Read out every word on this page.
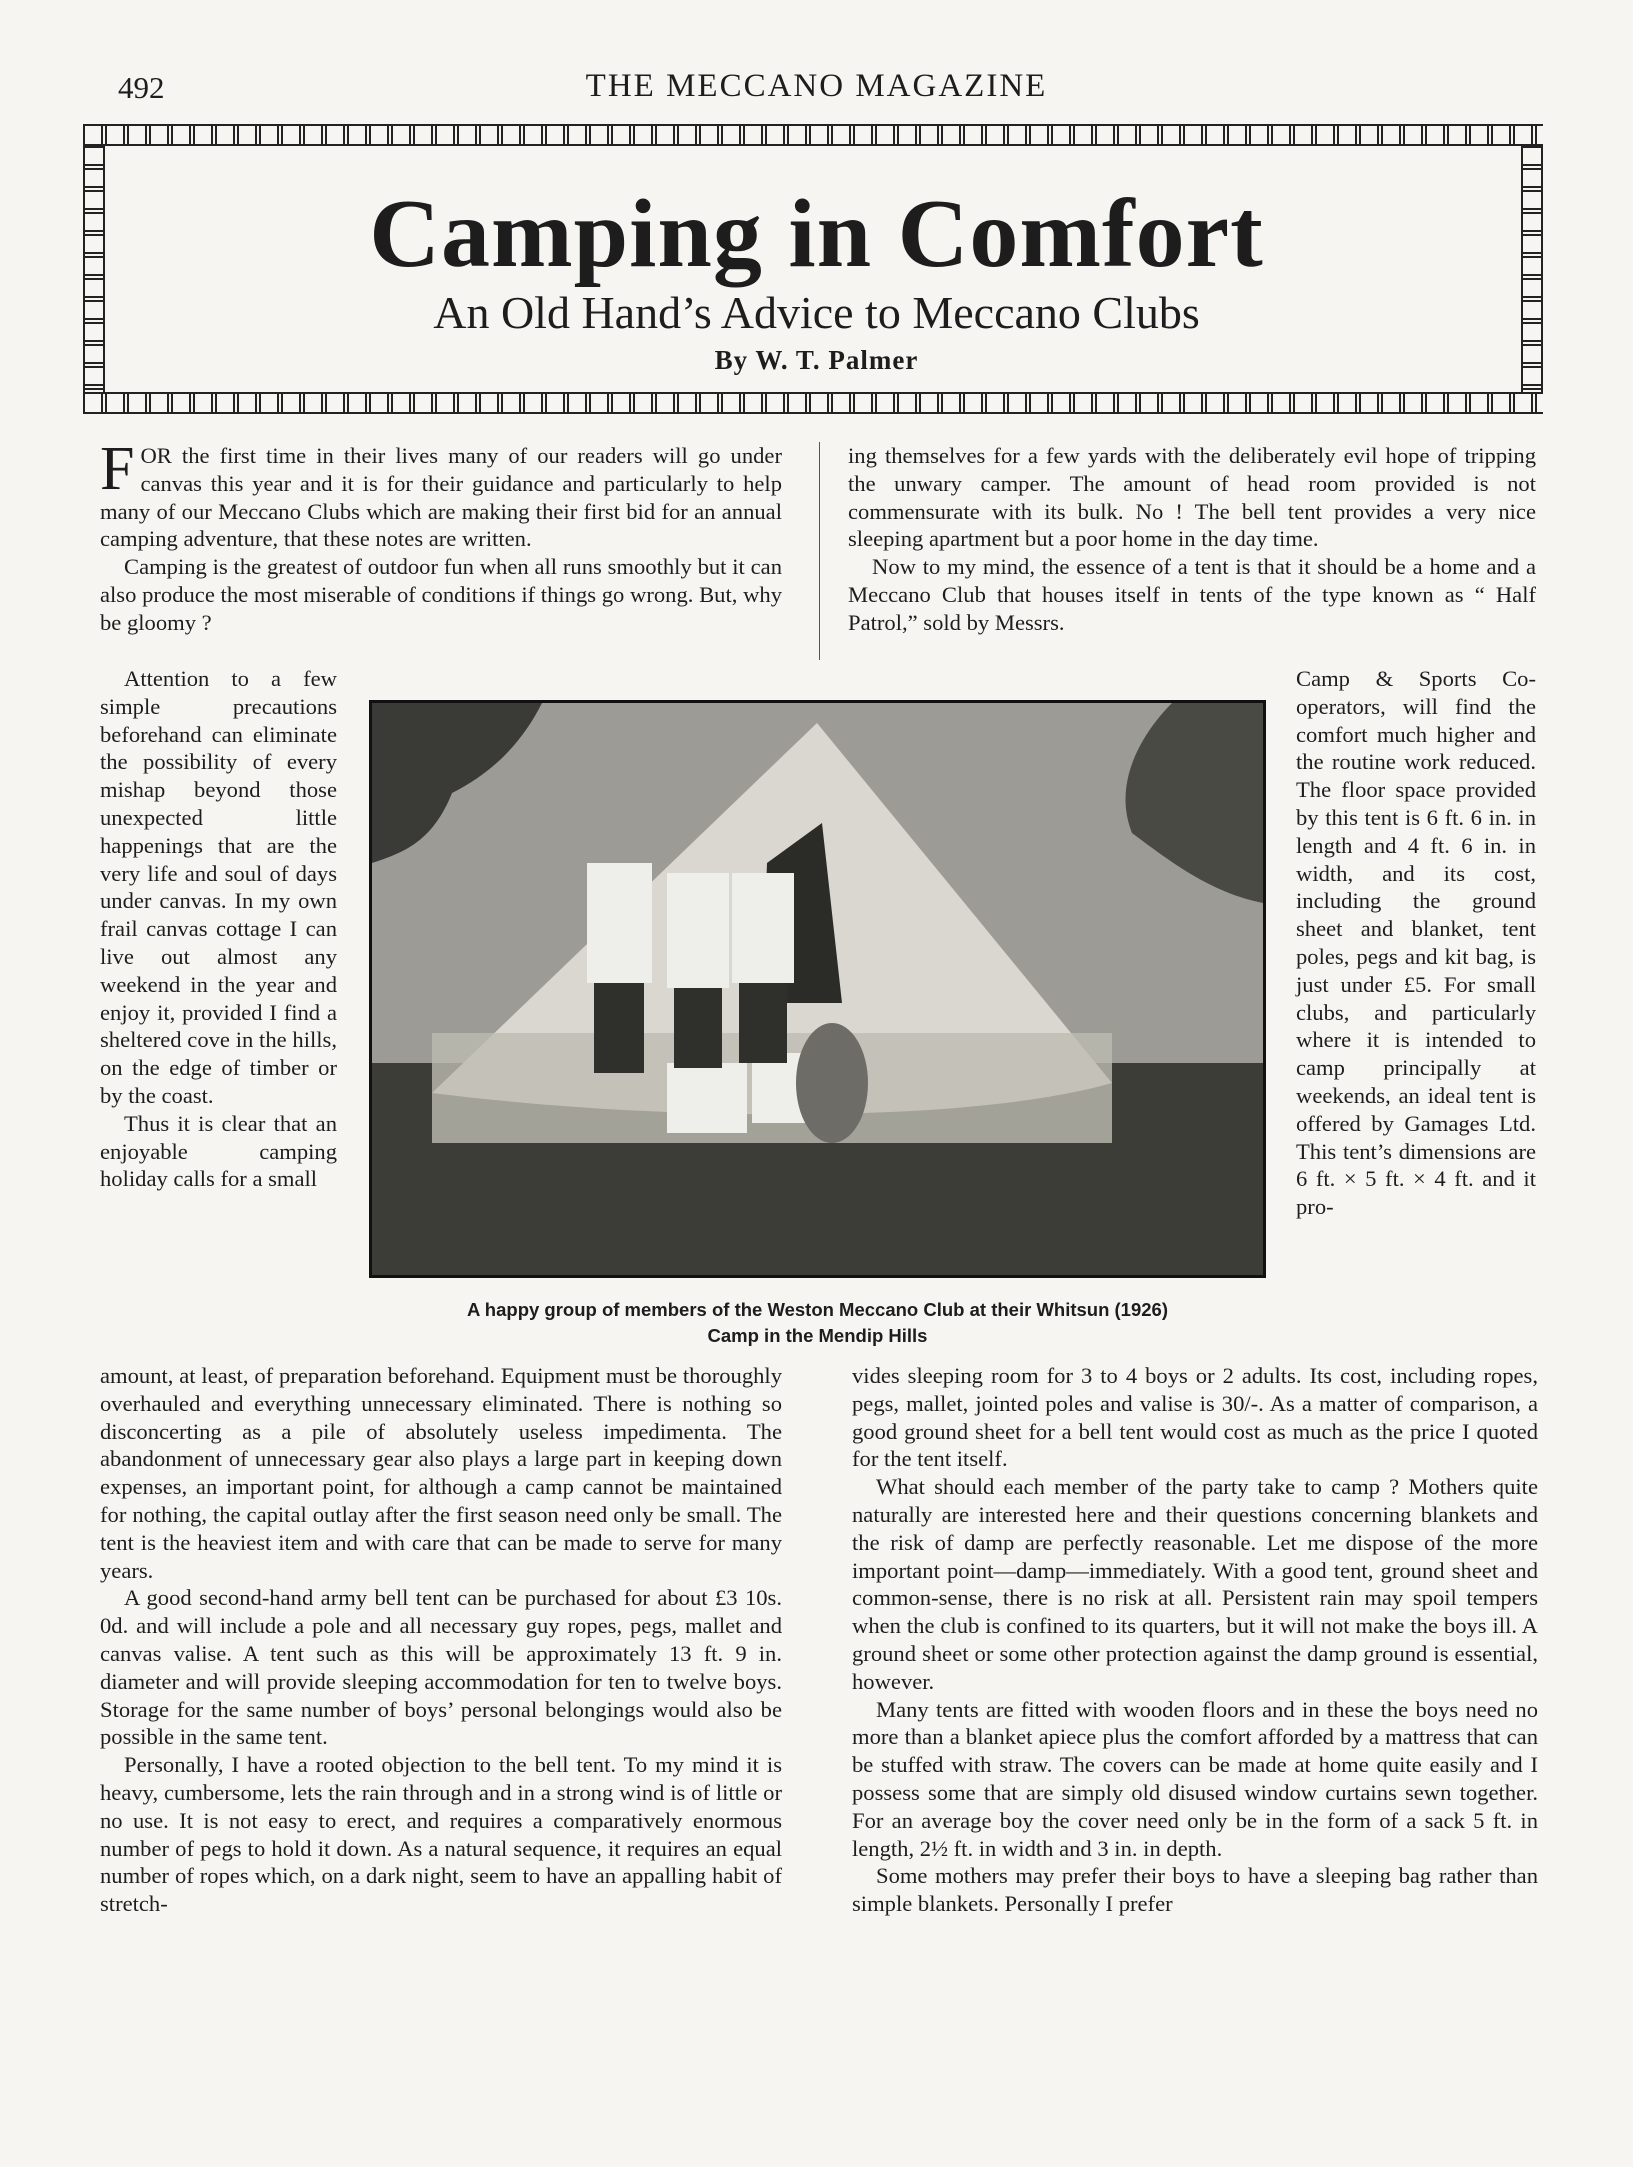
492	THE MECCANO MAGAZINE
Camping in Comfort
An Old Hand’s Advice to Meccano Clubs
By W. T. Palmer

FOR the first time in their lives many of our readers will go under canvas this year and it is for their guidance and particularly to help many of our Meccano Clubs which are making their first bid for an annual camping adventure, that these notes are written.

Camping is the greatest of outdoor fun when all runs smoothly but it can also produce the most miserable of conditions if things go wrong. But, why be gloomy ?

ing themselves for a few yards with the deliberately evil hope of tripping the unwary camper. The amount of head room provided is not commensurate with its bulk. No ! The bell tent provides a very nice sleeping apartment but a poor home in the day time.

Now to my mind, the essence of a tent is that it should be a home and a Meccano Club that houses itself in tents of the type known as “ Half Patrol,” sold by Messrs.

Attention to a few simple precautions beforehand can eliminate the possibility of every mishap beyond those unexpected little happenings that are the very life and soul of days under canvas. In my own frail canvas cottage I can live out almost any weekend in the year and enjoy it, provided I find a sheltered cove in the hills, on the edge of timber or by the coast.

Thus it is clear that an enjoyable camping holiday calls for a small

Camp & Sports Co-operators, will find the comfort much higher and the routine work reduced. The floor space provided by this tent is 6 ft. 6 in. in length and 4 ft. 6 in. in width, and its cost, including the ground sheet and blanket, tent poles, pegs and kit bag, is just under £5. For small clubs, and particularly where it is intended to camp principally at weekends, an ideal tent is offered by Gamages Ltd. This tent’s dimensions are 6 ft. × 5 ft. × 4 ft. and it pro-

A happy group of members of the Weston Meccano Club at their Whitsun (1926)
Camp in the Mendip Hills

amount, at least, of preparation beforehand. Equipment must be thoroughly overhauled and everything unnecessary eliminated. There is nothing so disconcerting as a pile of absolutely useless impedimenta. The abandonment of unnecessary gear also plays a large part in keeping down expenses, an important point, for although a camp cannot be maintained for nothing, the capital outlay after the first season need only be small. The tent is the heaviest item and with care that can be made to serve for many years.

A good second-hand army bell tent can be purchased for about £3 10s. 0d. and will include a pole and all necessary guy ropes, pegs, mallet and canvas valise. A tent such as this will be approximately 13 ft. 9 in. diameter and will provide sleeping accommodation for ten to twelve boys. Storage for the same number of boys’ personal belongings would also be possible in the same tent.

Personally, I have a rooted objection to the bell tent. To my mind it is heavy, cumbersome, lets the rain through and in a strong wind is of little or no use. It is not easy to erect, and requires a comparatively enormous number of pegs to hold it down. As a natural sequence, it requires an equal number of ropes which, on a dark night, seem to have an appalling habit of stretch-

vides sleeping room for 3 to 4 boys or 2 adults. Its cost, including ropes, pegs, mallet, jointed poles and valise is 30/-. As a matter of comparison, a good ground sheet for a bell tent would cost as much as the price I quoted for the tent itself.

What should each member of the party take to camp ? Mothers quite naturally are interested here and their questions concerning blankets and the risk of damp are perfectly reasonable. Let me dispose of the more important point—damp—immediately. With a good tent, ground sheet and common-sense, there is no risk at all. Persistent rain may spoil tempers when the club is confined to its quarters, but it will not make the boys ill. A ground sheet or some other protection against the damp ground is essential, however.

Many tents are fitted with wooden floors and in these the boys need no more than a blanket apiece plus the comfort afforded by a mattress that can be stuffed with straw. The covers can be made at home quite easily and I possess some that are simply old disused window curtains sewn together. For an average boy the cover need only be in the form of a sack 5 ft. in length, 2½ ft. in width and 3 in. in depth.

Some mothers may prefer their boys to have a sleeping bag rather than simple blankets. Personally I prefer
